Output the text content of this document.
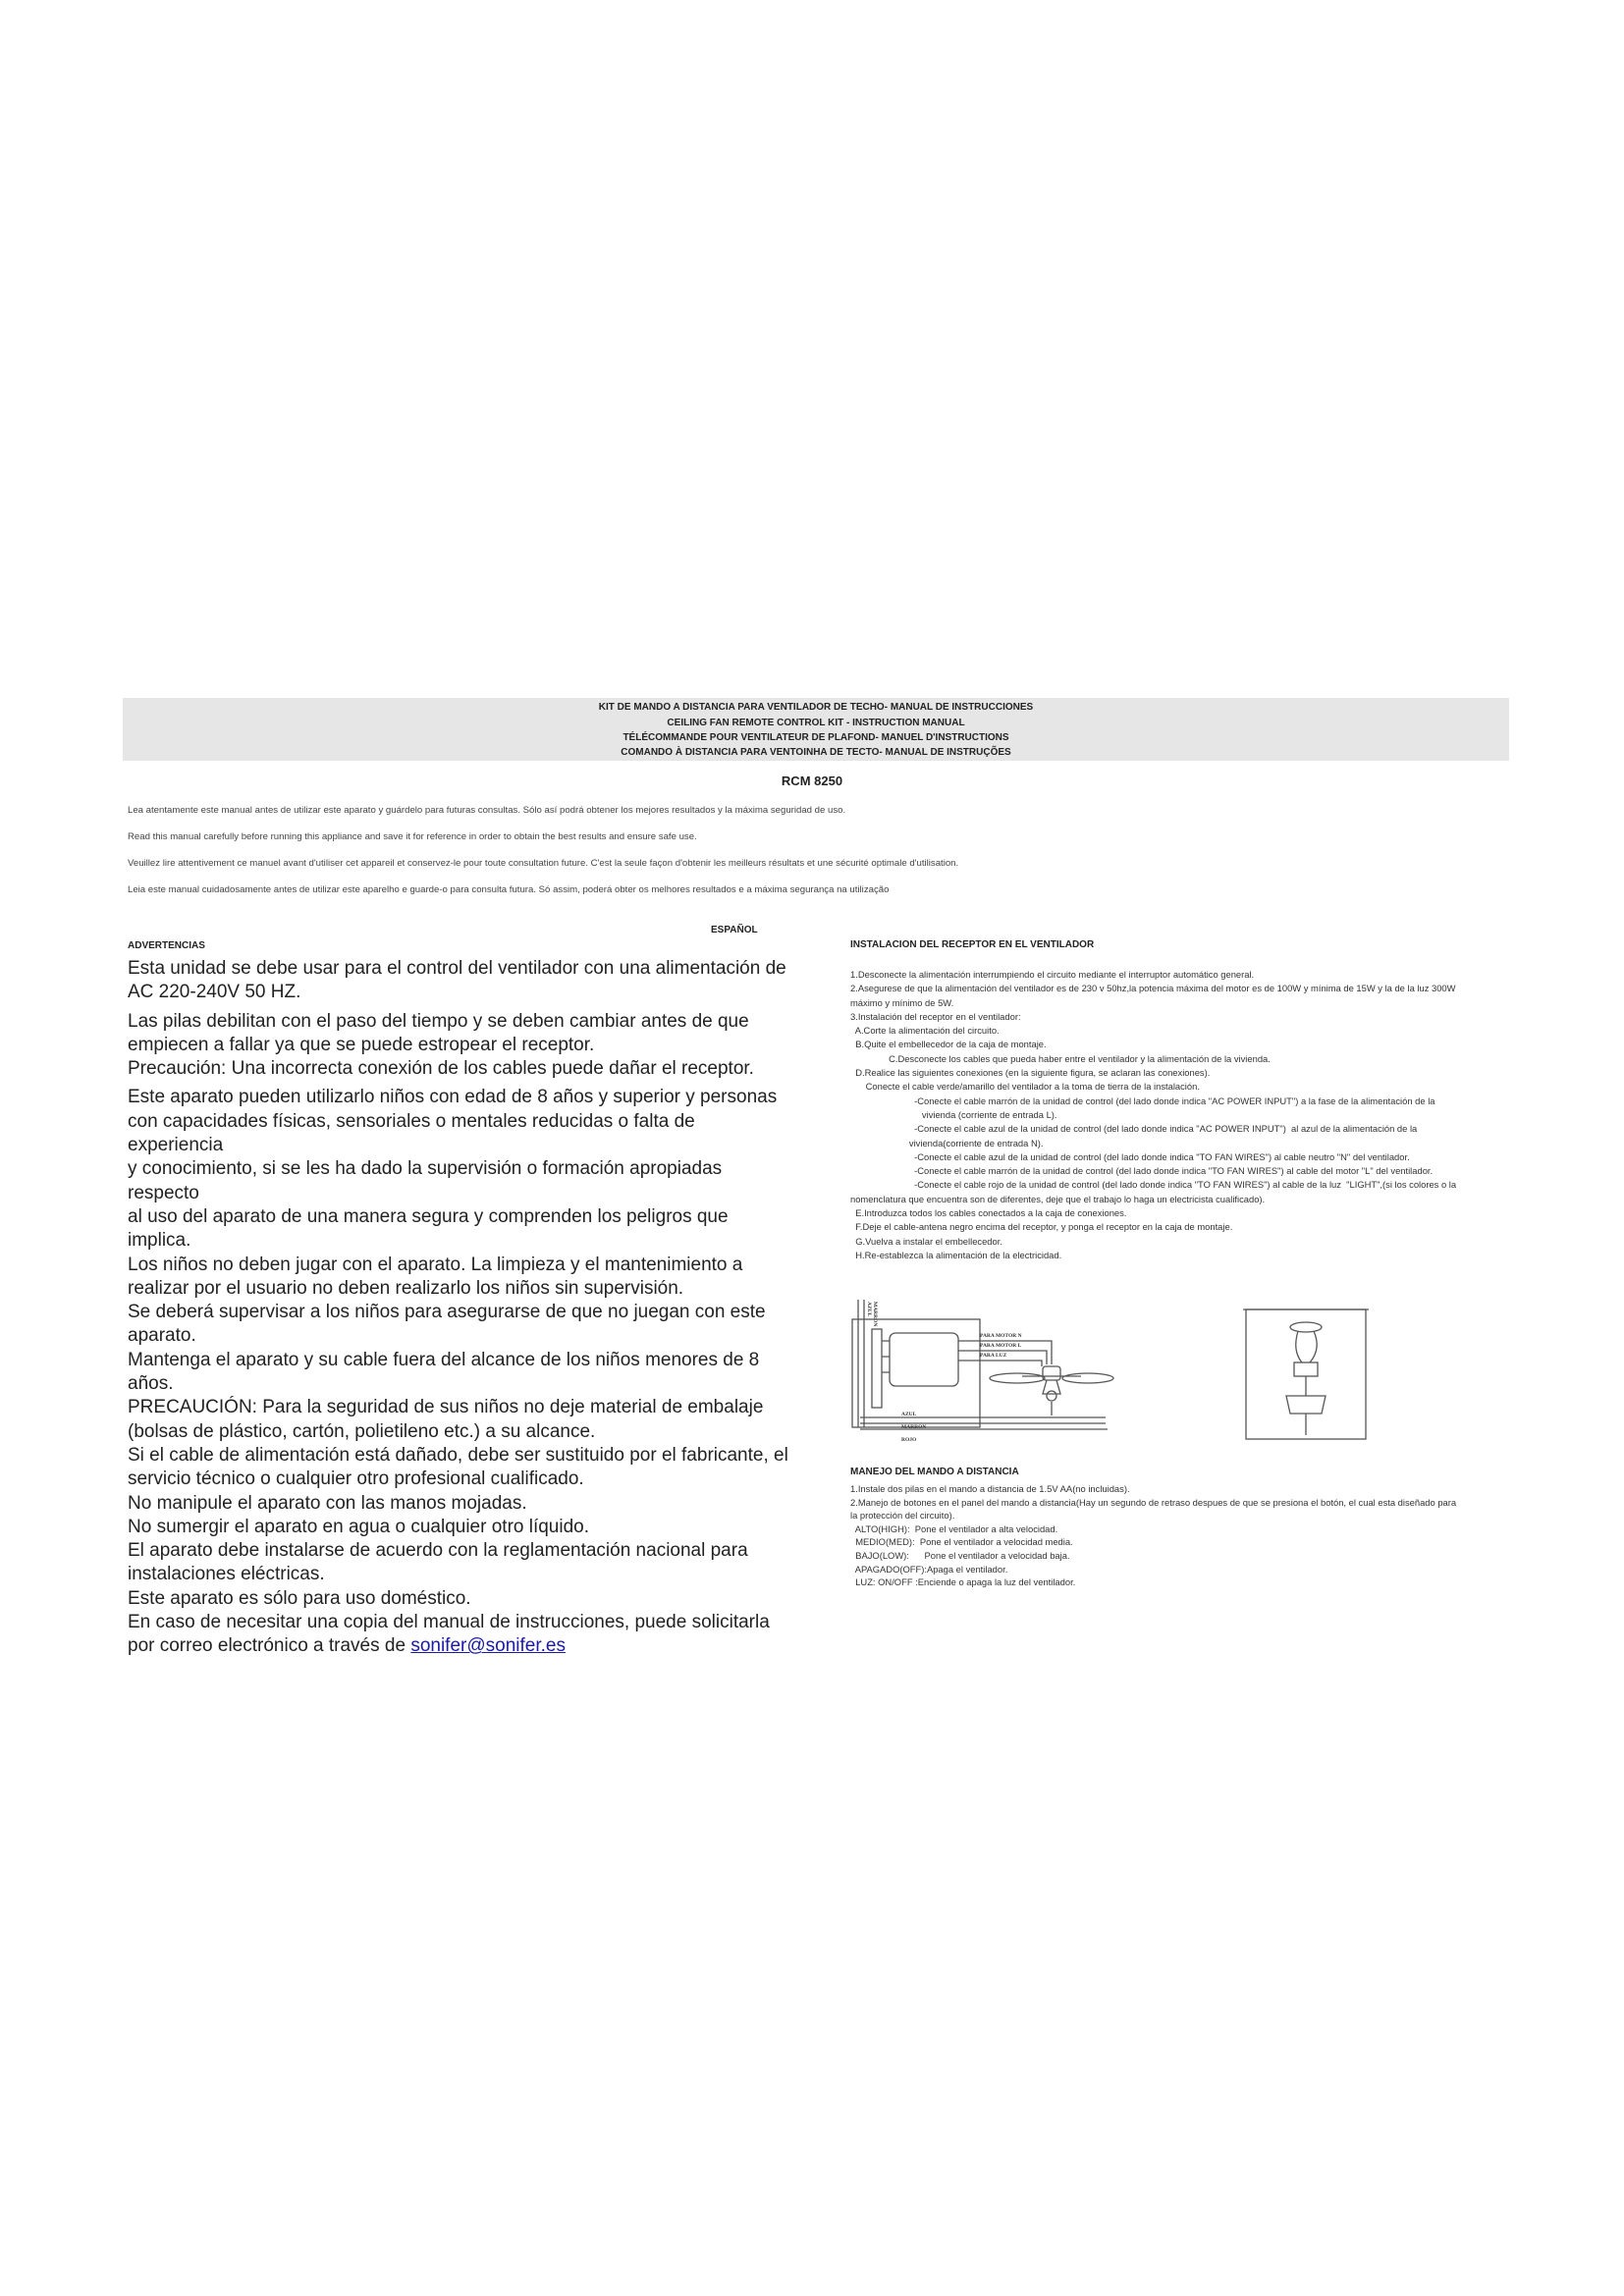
KIT DE MANDO A DISTANCIA PARA VENTILADOR DE TECHO- MANUAL DE INSTRUCCIONES
CEILING FAN REMOTE CONTROL KIT - INSTRUCTION MANUAL
TÉLÉCOMMANDE POUR VENTILATEUR DE PLAFOND- MANUEL D'INSTRUCTIONS
COMANDO À DISTANCIA PARA VENTOINHA DE TECTO- MANUAL DE INSTRUÇÕES
RCM 8250
Lea atentamente este manual antes de utilizar este aparato y guárdelo para futuras consultas. Sólo así podrá obtener los mejores resultados y la máxima seguridad de uso.
Read this manual carefully before running this appliance and save it for reference in order to obtain the best results and ensure safe use.
Veuillez lire attentivement ce manuel avant d'utiliser cet appareil et conservez-le pour toute consultation future. C'est la seule façon d'obtenir les meilleurs résultats et une sécurité optimale d'utilisation.
Leia este manual cuidadosamente antes de utilizar este aparelho e guarde-o para consulta futura. Só assim, poderá obter os melhores resultados e a máxima segurança na utilização
ESPAÑOL
ADVERTENCIAS

Esta unidad se debe usar para el control del ventilador con una alimentación de

AC 220-240V 50 HZ.

Las pilas debilitan con el paso del tiempo y se deben cambiar antes de que

empiecen a fallar ya que se puede estropear el receptor.

Precaución: Una incorrecta conexión de los cables puede dañar el receptor.

Este aparato pueden utilizarlo niños con edad de 8 años y superior y personas

con capacidades físicas, sensoriales o mentales reducidas o falta de experiencia

y conocimiento, si se les ha dado la supervisión o formación apropiadas respecto

al uso del aparato de una manera segura y comprenden los peligros que implica.

Los niños no deben jugar con el aparato. La limpieza y el mantenimiento a

realizar por el usuario no deben realizarlo los niños sin supervisión.

Se deberá supervisar a los niños para asegurarse de que no juegan con este

aparato.

Mantenga el aparato y su cable fuera del alcance de los niños menores de 8

años.

PRECAUCIÓN: Para la seguridad de sus niños no deje material de embalaje

(bolsas de plástico, cartón, polietileno etc.) a su alcance.

Si el cable de alimentación está dañado, debe ser sustituido por el fabricante, el

servicio técnico o cualquier otro profesional cualificado.

No manipule el aparato con las manos mojadas.

No sumergir el aparato en agua o cualquier otro líquido.

El aparato debe instalarse de acuerdo con la reglamentación nacional para

instalaciones eléctricas.

Este aparato es sólo para uso doméstico.

En caso de necesitar una copia del manual de instrucciones, puede solicitarla

por correo electrónico a través de sonifer@sonifer.es

INSTALACION DEL RECEPTOR EN EL VENTILADOR

1.Desconecte la alimentación interrumpiendo el circuito mediante el interruptor automático general.

2.Asegurese de que la alimentación del ventilador es de 230 v 50hz,la potencia máxima del motor es de 100W y mínima de 15W y la de la luz 300W

máximo y mínimo de 5W.

3.Instalación del receptor en el ventilador:

A.Corte la alimentación del circuito.

B.Quite el embellecedor de la caja de montaje.

C.Desconecte los cables que pueda haber entre el ventilador y la alimentación de la vivienda.

D.Realice las siguientes conexiones (en la siguiente figura, se aclaran las conexiones).

Conecte el cable verde/amarillo del ventilador a la toma de tierra de la instalación.

-Conecte el cable marrón de la unidad de control (del lado donde indica "AC POWER INPUT") a la fase de la alimentación de la

vivienda (corriente de entrada L).

-Conecte el cable azul de la unidad de control (del lado donde indica "AC POWER INPUT")  al azul de la alimentación de la

vivienda(corriente de entrada N).

-Conecte el cable azul de la unidad de control (del lado donde indica "TO FAN WIRES") al cable neutro "N" del ventilador.

-Conecte el cable marrón de la unidad de control (del lado donde indica "TO FAN WIRES") al cable del motor "L" del ventilador.

-Conecte el cable rojo de la unidad de control (del lado donde indica "TO FAN WIRES") al cable de la luz  "LIGHT",(si los colores o la

nomenclatura que encuentra son de diferentes, deje que el trabajo lo haga un electricista cualificado).

E.Introduzca todos los cables conectados a la caja de conexiones.

F.Deje el cable-antena negro encima del receptor, y ponga el receptor en la caja de montaje.

G.Vuelva a instalar el embellecedor.

H.Re-establezca la alimentación de la electricidad.

PARA MOTOR N
PARA MOTOR L
PARA LUZ
AZUL
MARRON
ROJO
AZUL MARRON
MANEJO DEL MANDO A DISTANCIA

1.Instale dos pilas en el mando a distancia de 1.5V AA(no incluidas).

2.Manejo de botones en el panel del mando a distancia(Hay un segundo de retraso despues de que se presiona el botón, el cual esta diseñado para

la protección del circuito).

ALTO(HIGH):  Pone el ventilador a alta velocidad.

MEDIO(MED):  Pone el ventilador a velocidad media.

BAJO(LOW):      Pone el ventilador a velocidad baja.

APAGADO(OFF):Apaga el ventilador.

LUZ: ON/OFF :Enciende o apaga la luz del ventilador.
